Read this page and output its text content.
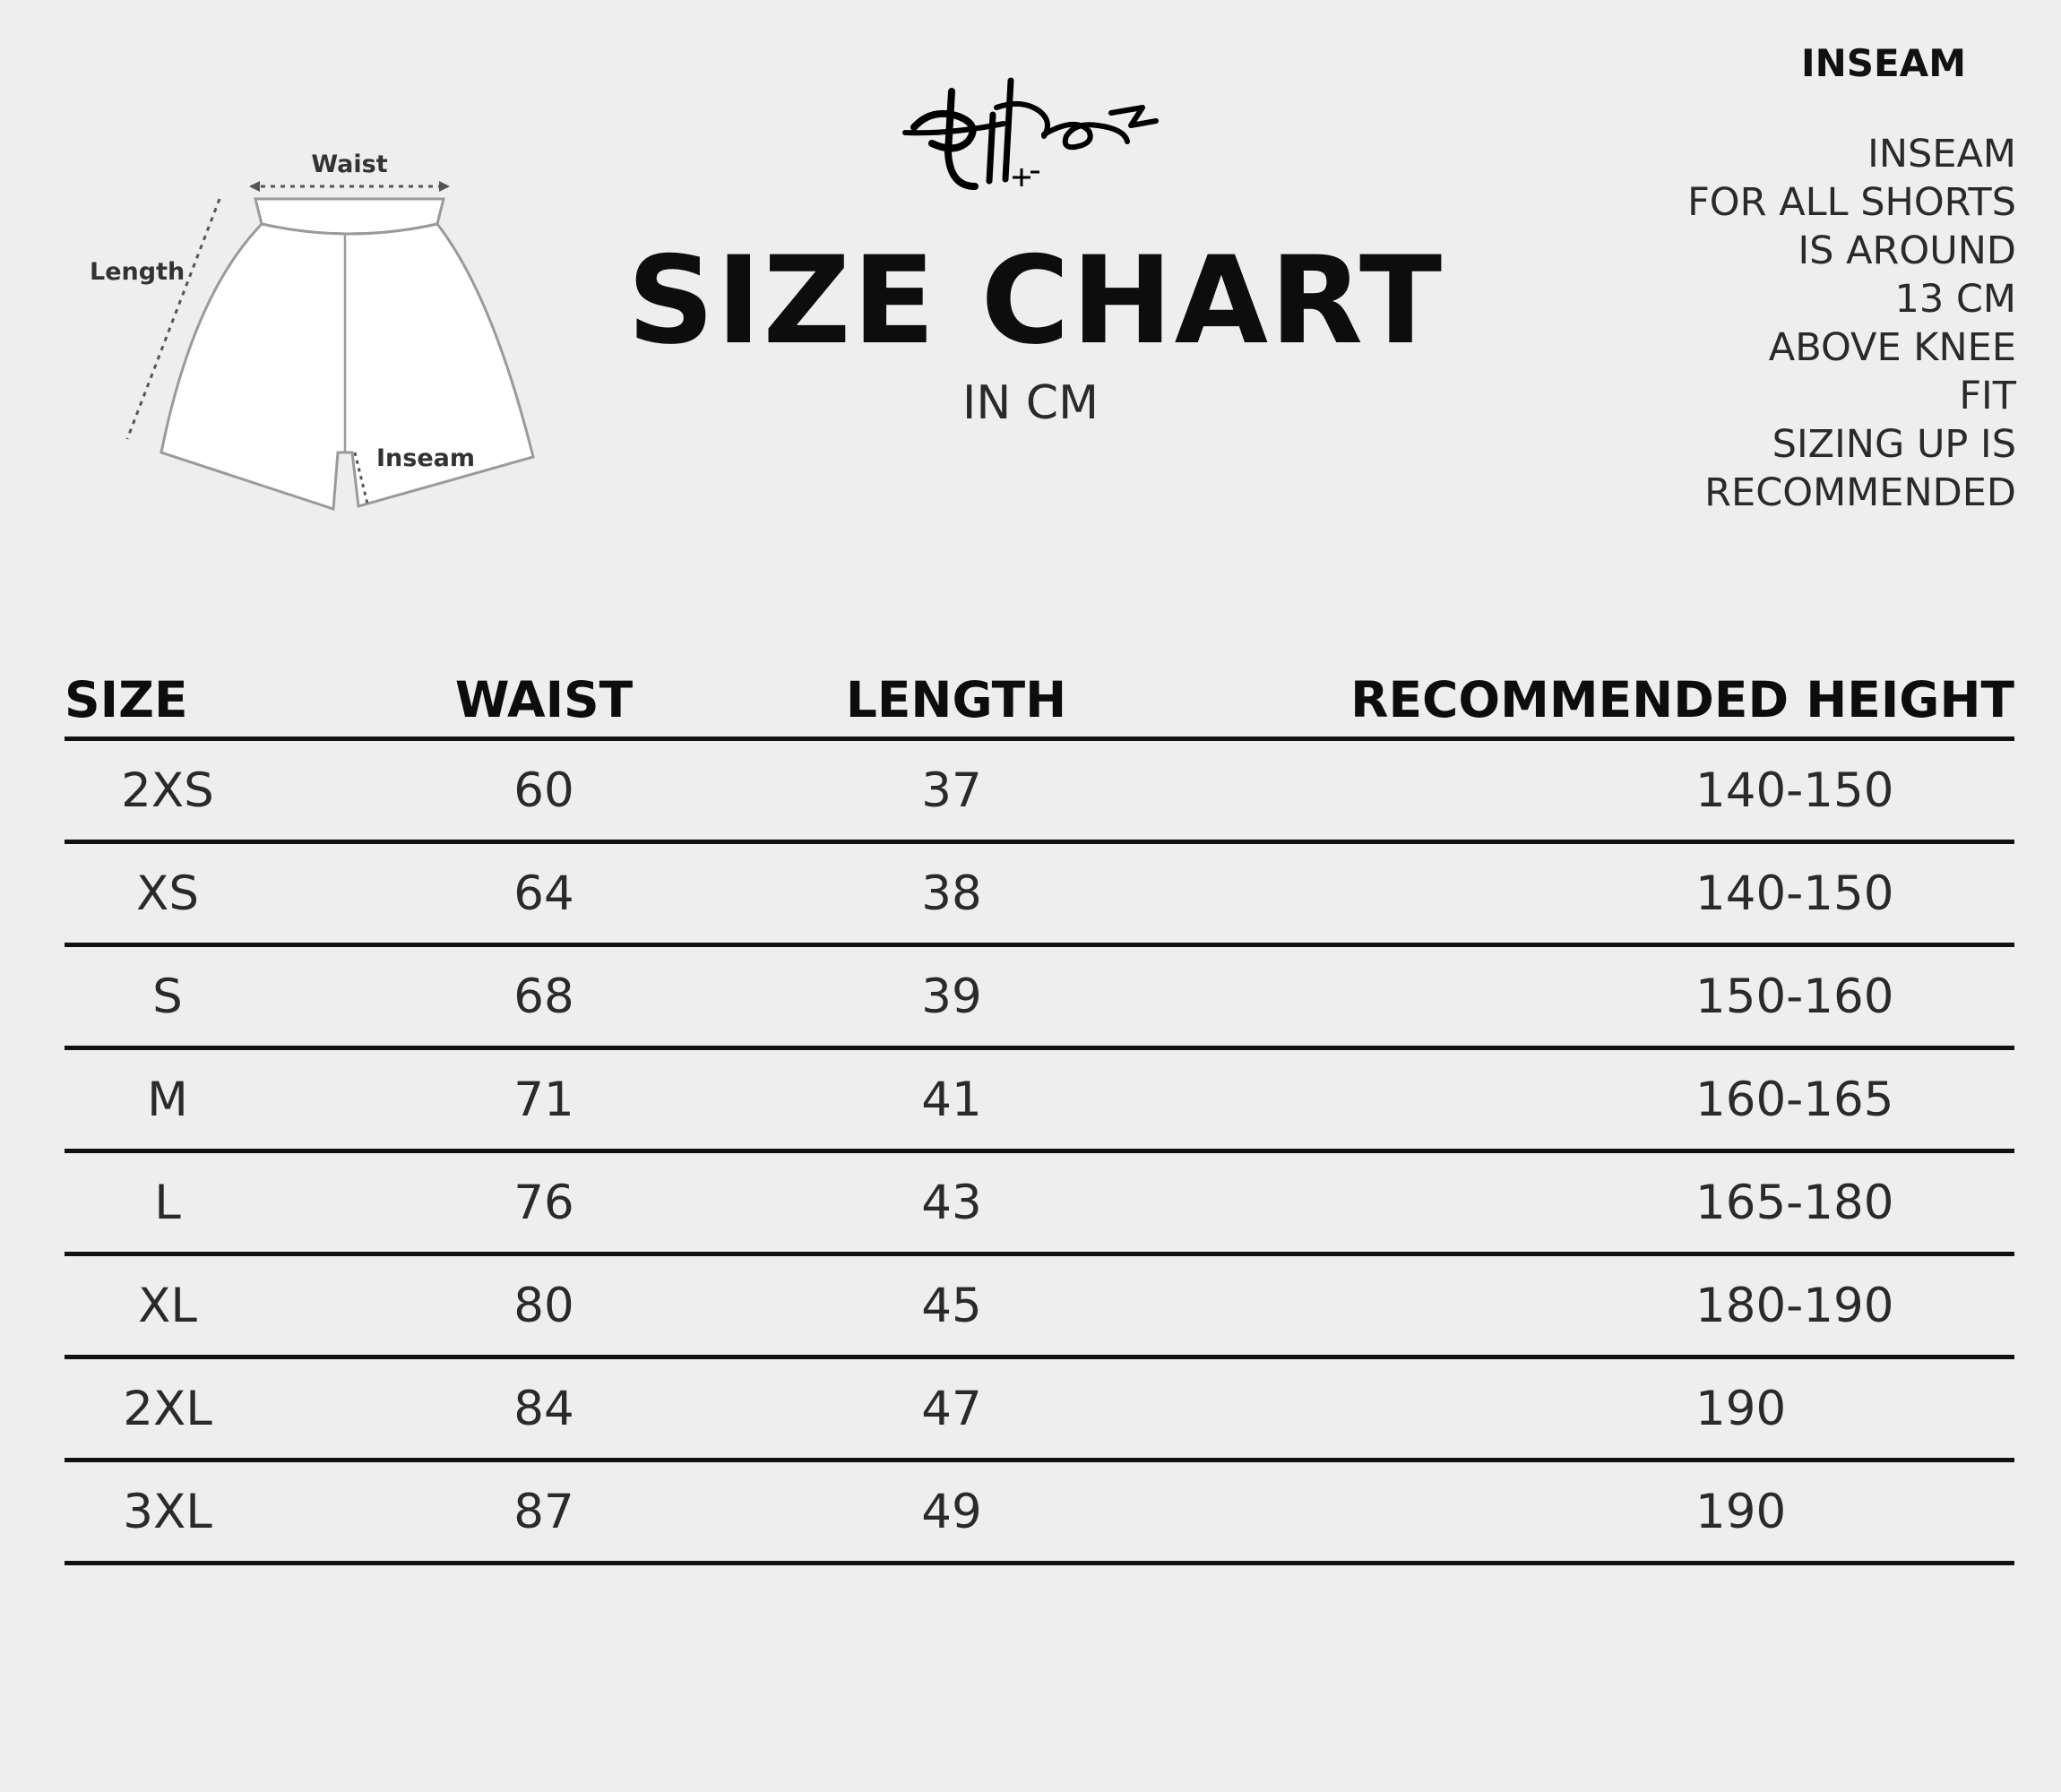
Waist
Length
Inseam
SIZE CHART
IN CM
INSEAM
INSEAM
FOR ALL SHORTS
IS AROUND
13 CM
ABOVE KNEE
FIT
SIZING UP IS
RECOMMENDED
SIZE	WAIST	LENGTH	RECOMMENDED HEIGHT
2XS	60	37	140-150
XS	64	38	140-150
S	68	39	150-160
M	71	41	160-165
L	76	43	165-180
XL	80	45	180-190
2XL	84	47	190
3XL	87	49	190
